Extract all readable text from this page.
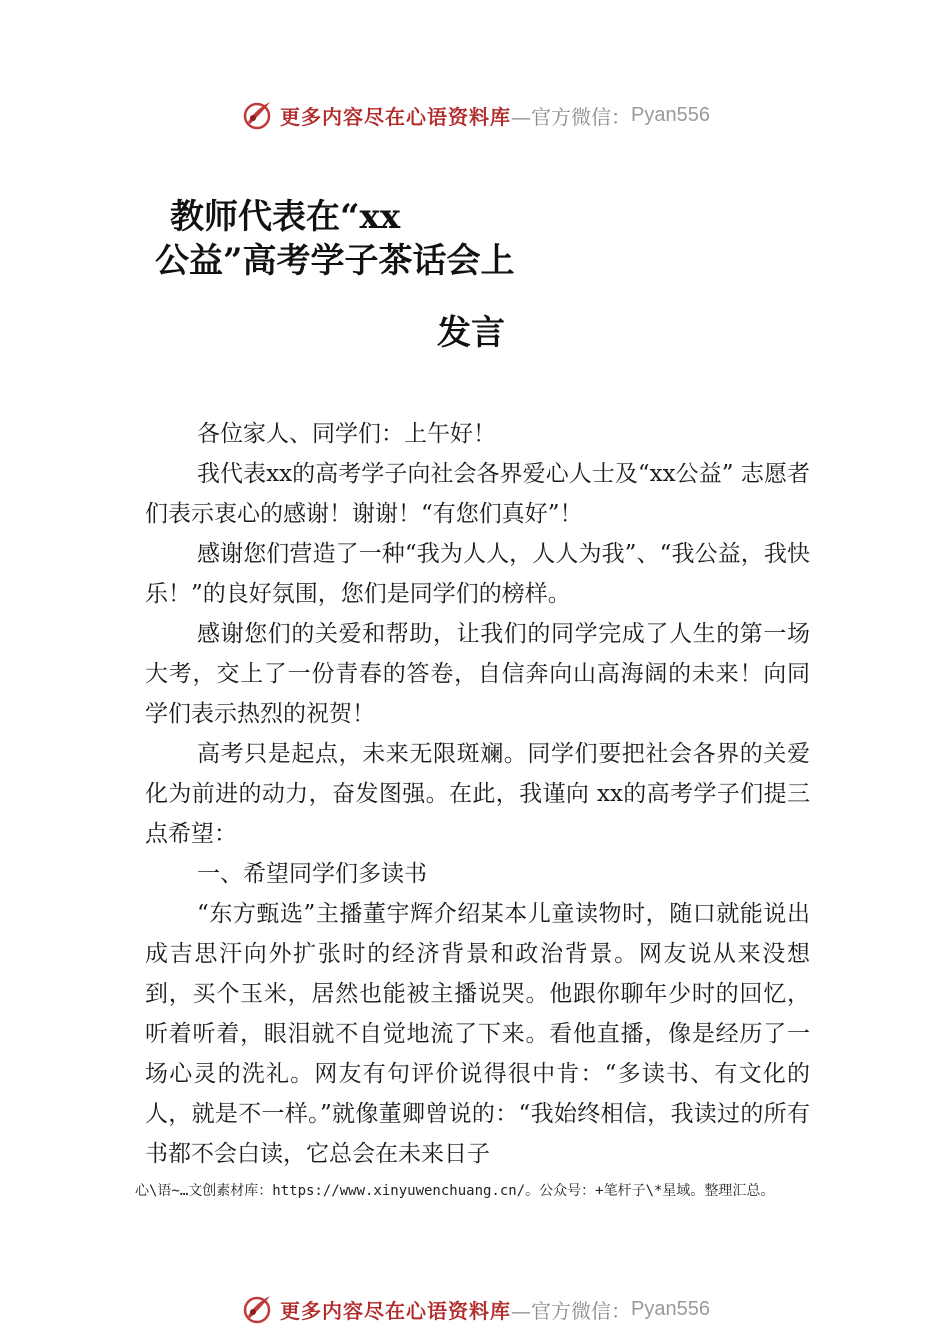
更多内容尽在心语资料库 —官方微信： Pyan556
教师代表在“xx
公益”高考学子茶话会上
发言

各位家人、同学们：上午好！

我代表xx的高考学子向社会各界爱心人士及“xx公益” 志愿者们表示衷心的感谢！谢谢！“有您们真好”！

感谢您们营造了一种“我为人人，人人为我”、“我公益，我快乐！”的良好氛围，您们是同学们的榜样。

感谢您们的关爱和帮助，让我们的同学完成了人生的第一场大考，交上了一份青春的答卷，自信奔向山高海阔的未来！向同学们表示热烈的祝贺！

高考只是起点，未来无限斑斓。同学们要把社会各界的关爱化为前进的动力，奋发图强。在此，我谨向 xx的高考学子们提三点希望：

一、希望同学们多读书

“东方甄选”主播董宇辉介绍某本儿童读物时，随口就能说出成吉思汗向外扩张时的经济背景和政治背景。网友说从来没想到，买个玉米，居然也能被主播说哭。他跟你聊年少时的回忆，听着听着，眼泪就不自觉地流了下来。看他直播，像是经历了一场心灵的洗礼。网友有句评价说得很中肯：“多读书、有文化的人，就是不一样。”就像董卿曾说的：“我始终相信，我读过的所有书都不会白读，它总会在未来日子

心\语~…文创素材库：https://www.xinyuwenchuang.cn/。公众号：+笔杆子\*星域。整理汇总。
更多内容尽在心语资料库 —官方微信： Pyan556
